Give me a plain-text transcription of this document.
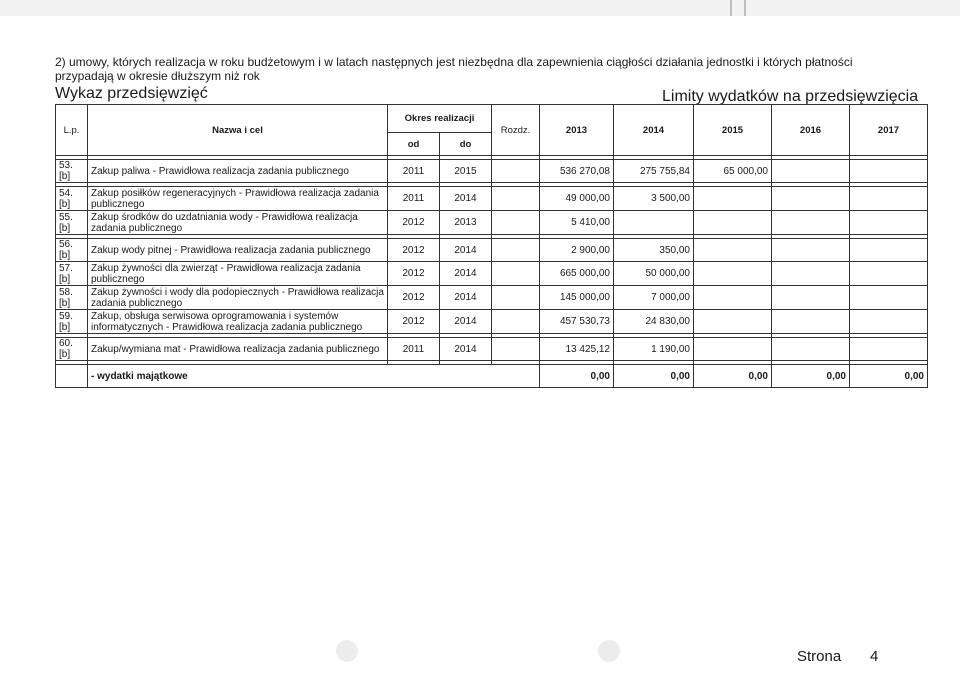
2) umowy, których realizacja w roku budżetowym i w latach następnych jest niezbędna dla zapewnienia ciągłości działania jednostki i których płatności przypadają w okresie dłuższym niż rok
Wykaz przedsięwzięć	Limity wydatków na przedsięwzięcia
L.p.	Nazwa i cel	Okres realizacji		Rozdz.	2013	2014	2015	2016	2017
		od	do						

53.[b]	Zakup paliwa - Prawidłowa realizacja zadania publicznego	2011	2015		536 270,08	275 755,84	65 000,00		

54.[b]	Zakup posiłków regeneracyjnych - Prawidłowa realizacja zadania publicznego	2011	2014		49 000,00	3 500,00			
55.[b]	Zakup środków do uzdatniania wody - Prawidłowa realizacja zadania publicznego	2012	2013		5 410,00				

56.[b]	Zakup wody pitnej - Prawidłowa realizacja zadania publicznego	2012	2014		2 900,00	350,00			
57.[b]	Zakup żywności dla zwierząt - Prawidłowa realizacja zadania publicznego	2012	2014		665 000,00	50 000,00			
58.[b]	Zakup żywności i wody dla podopiecznych - Prawidłowa realizacja zadania publicznego	2012	2014		145 000,00	7 000,00			
59.[b]	Zakup, obsługa serwisowa oprogramowania i systemów informatycznych - Prawidłowa realizacja zadania publicznego	2012	2014		457 530,73	24 830,00			

60.[b]	Zakup/wymiana mat - Prawidłowa realizacja zadania publicznego	2011	2014		13 425,12	1 190,00			

	- wydatki majątkowe				0,00	0,00	0,00	0,00	0,00
Strona 4
